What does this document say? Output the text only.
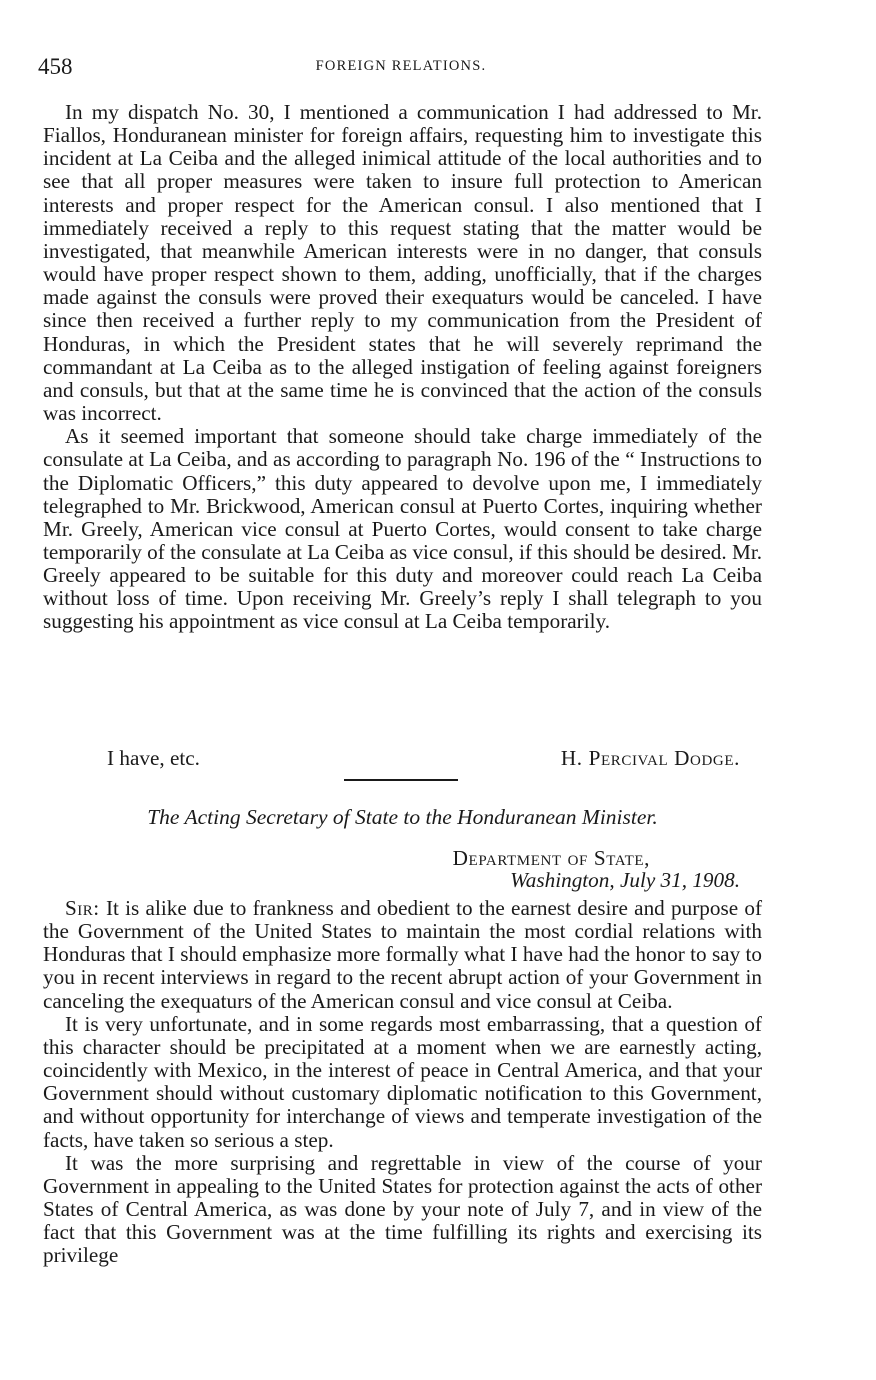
458	FOREIGN RELATIONS.

In my dispatch No. 30, I mentioned a communication I had addressed to Mr. Fiallos, Honduranean minister for foreign affairs, requesting him to investigate this incident at La Ceiba and the alleged inimical attitude of the local authorities and to see that all proper measures were taken to insure full protection to American interests and proper respect for the American consul. I also mentioned that I immediately received a reply to this request stating that the matter would be investigated, that meanwhile American interests were in no danger, that consuls would have proper respect shown to them, adding, unofficially, that if the charges made against the consuls were proved their exequaturs would be canceled. I have since then received a further reply to my communication from the President of Honduras, in which the President states that he will severely reprimand the commandant at La Ceiba as to the alleged instigation of feeling against foreigners and consuls, but that at the same time he is convinced that the action of the consuls was incorrect.

As it seemed important that someone should take charge immediately of the consulate at La Ceiba, and as according to paragraph No. 196 of the “ Instructions to the Diplomatic Officers,” this duty appeared to devolve upon me, I immediately telegraphed to Mr. Brickwood, American consul at Puerto Cortes, inquiring whether Mr. Greely, American vice consul at Puerto Cortes, would consent to take charge temporarily of the consulate at La Ceiba as vice consul, if this should be desired. Mr. Greely appeared to be suitable for this duty and moreover could reach La Ceiba without loss of time. Upon receiving Mr. Greely’s reply I shall telegraph to you suggesting his appointment as vice consul at La Ceiba temporarily.

I have, etc.	H. Percival Dodge.
The Acting Secretary of State to the Honduranean Minister.
Department of State,
Washington, July 31, 1908.

Sir: It is alike due to frankness and obedient to the earnest desire and purpose of the Government of the United States to maintain the most cordial relations with Honduras that I should emphasize more formally what I have had the honor to say to you in recent interviews in regard to the recent abrupt action of your Government in canceling the exequaturs of the American consul and vice consul at Ceiba.

It is very unfortunate, and in some regards most embarrassing, that a question of this character should be precipitated at a moment when we are earnestly acting, coincidently with Mexico, in the interest of peace in Central America, and that your Government should without customary diplomatic notification to this Government, and without opportunity for interchange of views and temperate investigation of the facts, have taken so serious a step.

It was the more surprising and regrettable in view of the course of your Government in appealing to the United States for protection against the acts of other States of Central America, as was done by your note of July 7, and in view of the fact that this Government was at the time fulfilling its rights and exercising its privilege
